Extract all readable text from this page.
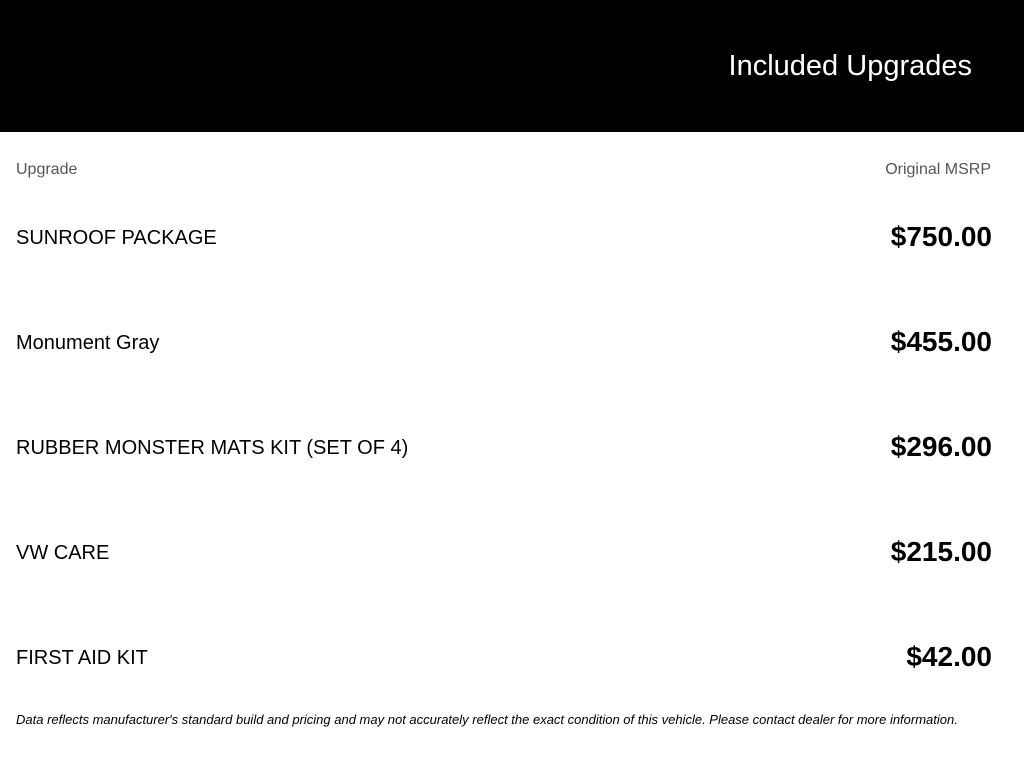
Included Upgrades
Upgrade	Original MSRP
SUNROOF PACKAGE	$750.00
Monument Gray	$455.00
RUBBER MONSTER MATS KIT (SET OF 4)	$296.00
VW CARE	$215.00
FIRST AID KIT	$42.00
Data reflects manufacturer's standard build and pricing and may not accurately reflect the exact condition of this vehicle. Please contact dealer for more information.
